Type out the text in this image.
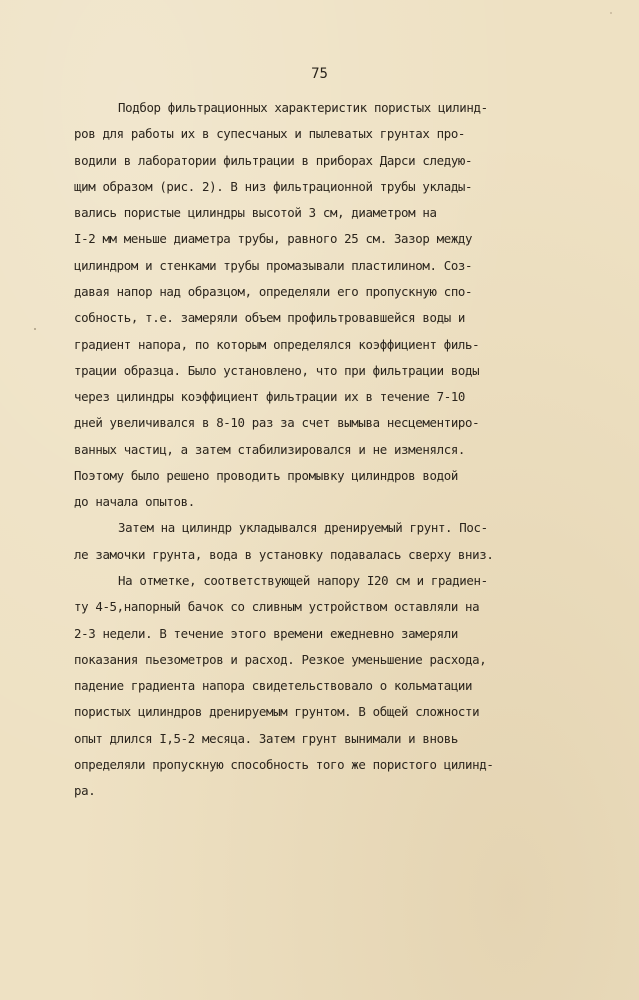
75
Подбор фильтрационных характеристик пористых цилинд-
ров для работы их в супесчаных и пылеватых грунтах про-
водили в лаборатории фильтрации в приборах Дарси следую-
щим образом (рис. 2). В низ фильтрационной трубы уклады-
вались пористые цилиндры высотой 3 см, диаметром на
I-2 мм меньше диаметра трубы, равного 25 см. Зазор между
цилиндром и стенками трубы промазывали пластилином. Соз-
давая напор над образцом, определяли его пропускную спо-
собность, т.е. замеряли объем профильтровавшейся воды и
градиент напора, по которым определялся коэффициент филь-
трации образца. Было установлено, что при фильтрации воды
через цилиндры коэффициент фильтрации их в течение 7-10
дней увеличивался в 8-10 раз за счет вымыва несцементиро-
ванных частиц, а затем стабилизировался и не изменялся.
Поэтому было решено проводить промывку цилиндров водой
до начала опытов.
Затем на цилиндр укладывался дренируемый грунт. Пос-
ле замочки грунта, вода в установку подавалась сверху вниз.
На отметке, соответствующей напору I20 см и градиен-
ту 4-5,напорный бачок со сливным устройством оставляли на
2-3 недели. В течение этого времени ежедневно замеряли
показания пьезометров и расход. Резкое уменьшение расхода,
падение градиента напора свидетельствовало о кольматации
пористых цилиндров дренируемым грунтом. В общей сложности
опыт длился I,5-2 месяца. Затем грунт вынимали и вновь
определяли пропускную способность того же пористого цилинд-
ра.
